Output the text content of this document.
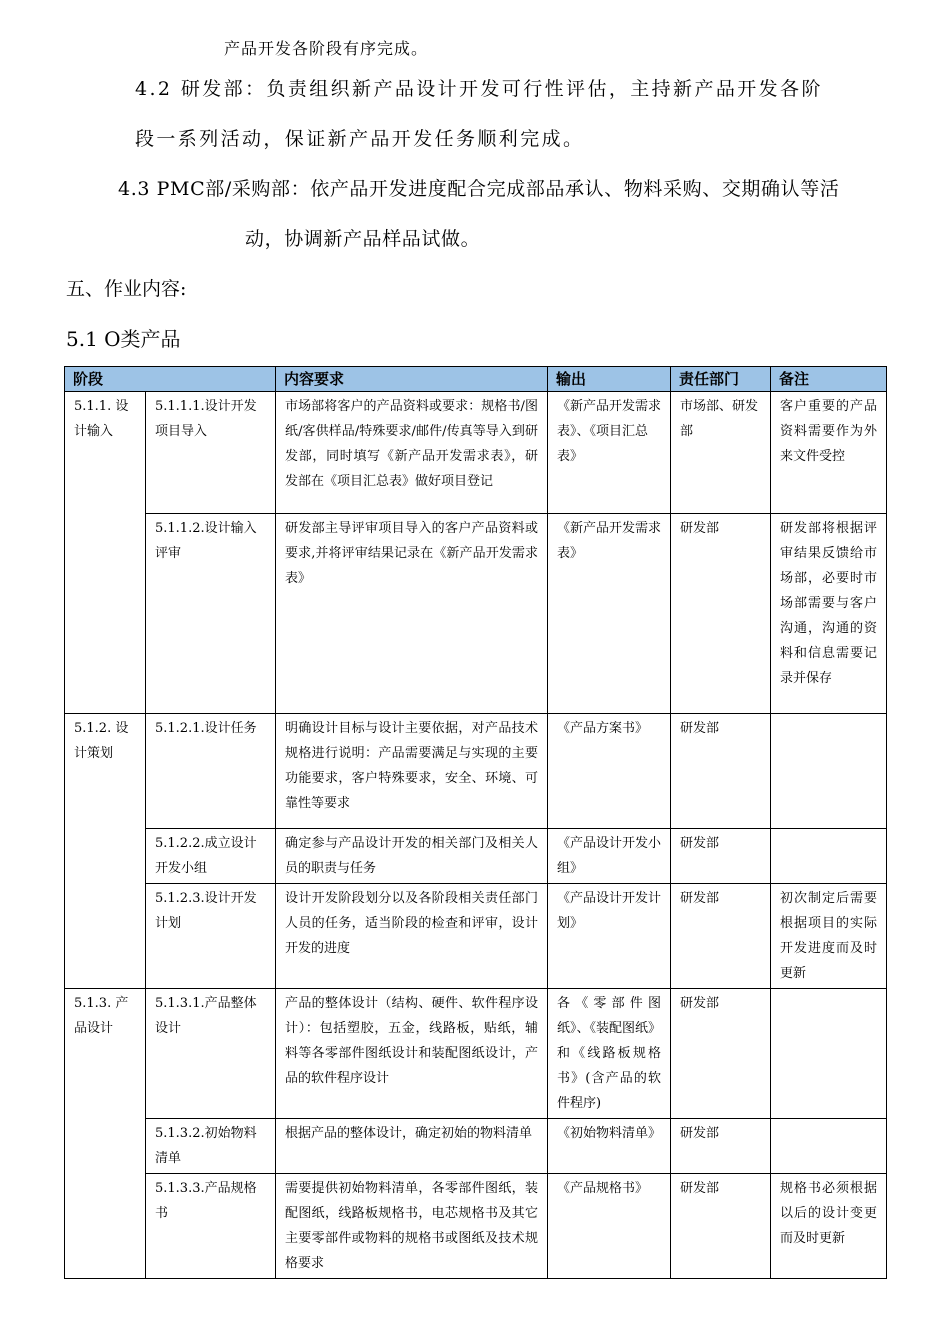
产品开发各阶段有序完成。
4.2 研发部：负责组织新产品设计开发可行性评估，主持新产品开发各阶
段一系列活动，保证新产品开发任务顺利完成。
4.3 PMC部/采购部：依产品开发进度配合完成部品承认、物料采购、交期确认等活
动，协调新产品样品试做。
五、作业内容:
5.1 O类产品
阶段		内容要求	输出	责任部门	备注
5.1.1. 设计输入	5.1.1.1.设计开发项目导入	市场部将客户的产品资料或要求：规格书/图纸/客供样品/特殊要求/邮件/传真等导入到研发部，同时填写《新产品开发需求表》，研发部在《项目汇总表》做好项目登记	《新产品开发需求表》、《项目汇总表》	市场部、研发部	客户重要的产品资料需要作为外来文件受控
	5.1.1.2.设计输入评审	研发部主导评审项目导入的客户产品资料或要求,并将评审结果记录在《新产品开发需求表》	《新产品开发需求表》	研发部	研发部将根据评审结果反馈给市场部，必要时市场部需要与客户沟通，沟通的资料和信息需要记录并保存
5.1.2. 设计策划	5.1.2.1.设计任务	明确设计目标与设计主要依据，对产品技术规格进行说明：产品需要满足与实现的主要功能要求，客户特殊要求，安全、环境、可靠性等要求	《产品方案书》	研发部	
	5.1.2.2.成立设计开发小组	确定参与产品设计开发的相关部门及相关人员的职责与任务	《产品设计开发小组》	研发部	
	5.1.2.3.设计开发计划	设计开发阶段划分以及各阶段相关责任部门人员的任务，适当阶段的检查和评审，设计开发的进度	《产品设计开发计划》	研发部	初次制定后需要根据项目的实际开发进度而及时更新
5.1.3. 产品设计	5.1.3.1.产品整体设计	产品的整体设计（结构、硬件、软件程序设计）：包括塑胶，五金，线路板，贴纸，辅料等各零部件图纸设计和装配图纸设计，产品的软件程序设计	各《零部件图纸》、《装配图纸》和《线路板规格书》(含产品的软件程序)	研发部	
	5.1.3.2.初始物料清单	根据产品的整体设计，确定初始的物料清单	《初始物料清单》	研发部	
	5.1.3.3.产品规格书	需要提供初始物料清单，各零部件图纸，装配图纸，线路板规格书，电芯规格书及其它主要零部件或物料的规格书或图纸及技术规格要求	《产品规格书》	研发部	规格书必须根据以后的设计变更而及时更新
